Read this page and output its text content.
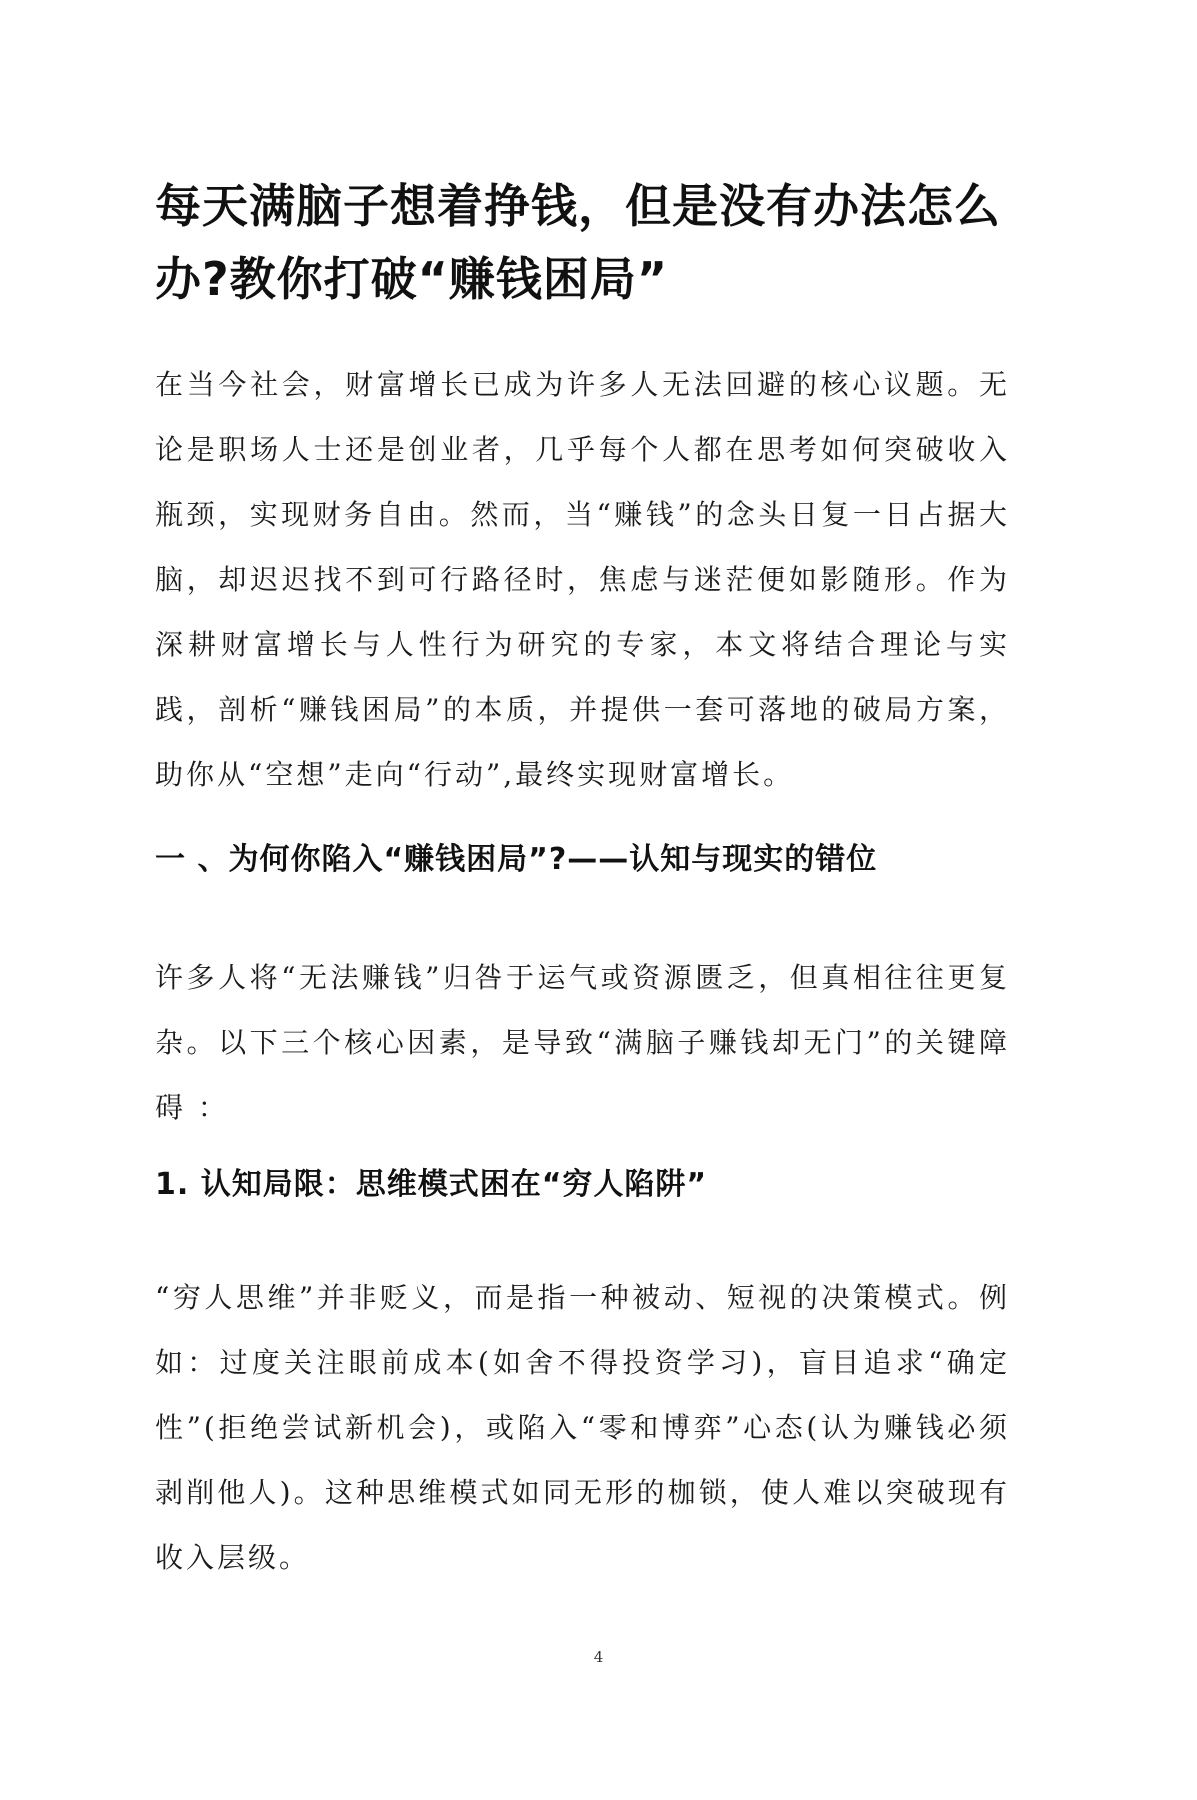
每天满脑子想着挣钱，但是没有办法怎么办?教你打破“赚钱困局”

在当今社会，财富增长已成为许多人无法回避的核心议题。无论是职场人士还是创业者，几乎每个人都在思考如何突破收入瓶颈，实现财务自由。然而，当“赚钱”的念头日复一日占据大脑，却迟迟找不到可行路径时，焦虑与迷茫便如影随形。作为深耕财富增长与人性行为研究的专家，本文将结合理论与实践，剖析“赚钱困局”的本质，并提供一套可落地的破局方案，助你从“空想”走向“行动”,最终实现财富增长。

一 、为何你陷入“赚钱困局”?——认知与现实的错位

许多人将“无法赚钱”归咎于运气或资源匮乏，但真相往往更复杂。以下三个核心因素，是导致“满脑子赚钱却无门”的关键障碍 ：

1. 认知局限：思维模式困在“穷人陷阱”

“穷人思维”并非贬义，而是指一种被动、短视的决策模式。例如：过度关注眼前成本(如舍不得投资学习)，盲目追求“确定性”(拒绝尝试新机会)，或陷入“零和博弈”心态(认为赚钱必须剥削他人)。这种思维模式如同无形的枷锁，使人难以突破现有收入层级。

4
